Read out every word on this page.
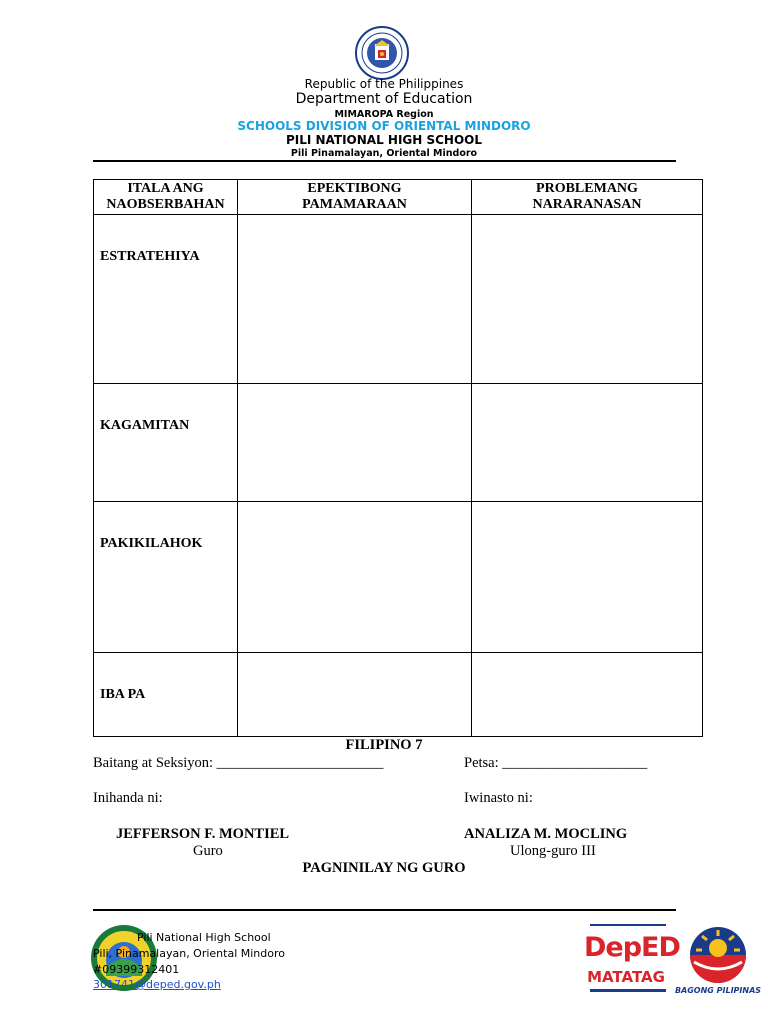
Republic of the Philippines
Department of Education
MIMAROPA Region
SCHOOLS DIVISION OF ORIENTAL MINDORO
PILI NATIONAL HIGH SCHOOL
Pili Pinamalayan, Oriental Mindoro
ITALA ANG NAOBSERBAHAN	EPEKTIBONG PAMAMARAAN	PROBLEMANG NARARANASAN

ESTRATEHIYA		

KAGAMITAN		

PAKIKILAHOK		

IBA PA		

FILIPINO 7
Baitang at Seksiyon: _______________________	Petsa: ____________________
Inihanda ni:	Iwinasto ni:
JEFFERSON F. MONTIEL
Guro
ANALIZA M. MOCLING
Ulong-guro III
PAGNINILAY NG GURO
Pili National High School
Pili, Pinamalayan, Oriental Mindoro
#09399312401
301741@deped.gov.ph
DepED
MATATAG
BAGONG PILIPINAS
